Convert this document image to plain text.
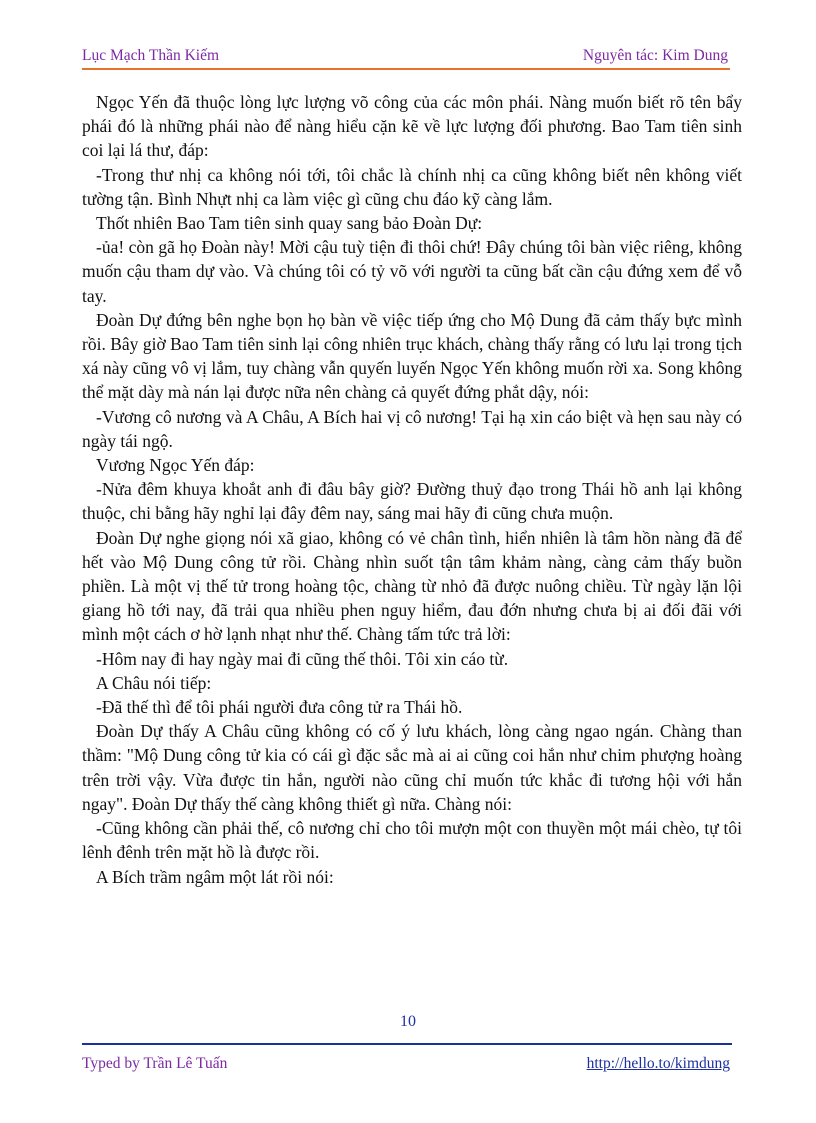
Lục Mạch Thần Kiếm	Nguyên tác: Kim Dung

Ngọc Yến đã thuộc lòng lực lượng võ công của các môn phái. Nàng muốn biết rõ tên bẩy phái đó là những phái nào để nàng hiểu cặn kẽ về lực lượng đối phương. Bao Tam tiên sinh coi lại lá thư, đáp:

-Trong thư nhị ca không nói tới, tôi chắc là chính nhị ca cũng không biết nên không viết tường tận. Bình Nhựt nhị ca làm việc gì cũng chu đáo kỹ càng lắm.

Thốt nhiên Bao Tam tiên sinh quay sang bảo Đoàn Dự:

-ủa! còn gã họ Đoàn này! Mời cậu tuỳ tiện đi thôi chứ! Đây chúng tôi bàn việc riêng, không muốn cậu tham dự vào. Và chúng tôi có tỷ võ với người ta cũng bất cần cậu đứng xem để vỗ tay.

Đoàn Dự đứng bên nghe bọn họ bàn về việc tiếp ứng cho Mộ Dung đã cảm thấy bực mình rồi. Bây giờ Bao Tam tiên sinh lại công nhiên trục khách, chàng thấy rằng có lưu lại trong tịch xá này cũng vô vị lắm, tuy chàng vẫn quyến luyến Ngọc Yến không muốn rời xa. Song không thể mặt dày mà nán lại được nữa nên chàng cả quyết đứng phắt dậy, nói:

-Vương cô nương và A Châu, A Bích hai vị cô nương! Tại hạ xin cáo biệt và hẹn sau này có ngày tái ngộ.

Vương Ngọc Yến đáp:

-Nửa đêm khuya khoắt anh đi đâu bây giờ? Đường thuỷ đạo trong Thái hồ anh lại không thuộc, chi bằng hãy nghỉ lại đây đêm nay, sáng mai hãy đi cũng chưa muộn.

Đoàn Dự nghe giọng nói xã giao, không có vẻ chân tình, hiển nhiên là tâm hồn nàng đã để hết vào Mộ Dung công tử rồi. Chàng nhìn suốt tận tâm khảm nàng, càng cảm thấy buồn phiền. Là một vị thế tử trong hoàng tộc, chàng từ nhỏ đã được nuông chiều. Từ ngày lặn lội giang hồ tới nay, đã trải qua nhiều phen nguy hiểm, đau đớn nhưng chưa bị ai đối đãi với mình một cách ơ hờ lạnh nhạt như thế. Chàng tấm tức trả lời:

-Hôm nay đi hay ngày mai đi cũng thế thôi. Tôi xin cáo từ.

A Châu nói tiếp:

-Đã thế thì để tôi phái người đưa công tử ra Thái hồ.

Đoàn Dự thấy A Châu cũng không có cố ý lưu khách, lòng càng ngao ngán. Chàng than thầm: "Mộ Dung công tử kia có cái gì đặc sắc mà ai ai cũng coi hắn như chim phượng hoàng trên trời vậy. Vừa được tin hắn, người nào cũng chỉ muốn tức khắc đi tương hội với hắn ngay". Đoàn Dự thấy thế càng không thiết gì nữa. Chàng nói:

-Cũng không cần phải thế, cô nương chỉ cho tôi mượn một con thuyền một mái chèo, tự tôi lênh đênh trên mặt hồ là được rồi.

A Bích trầm ngâm một lát rồi nói:

10
Typed by Trần Lê Tuấn	http://hello.to/kimdung
